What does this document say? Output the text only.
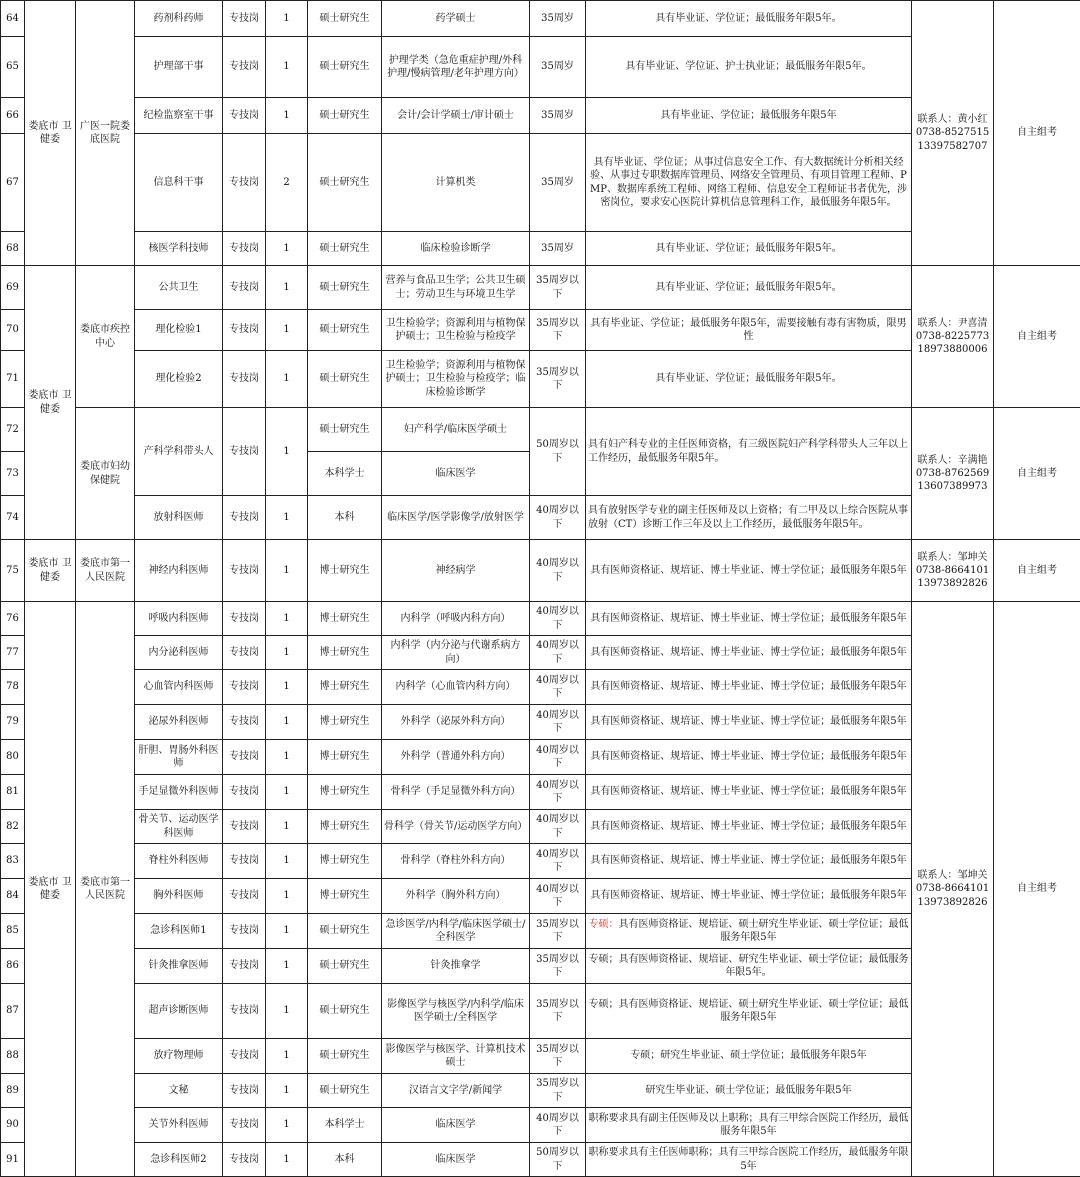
64	娄底市 卫健委	广医一院娄底医院	药剂科药师	专技岗	1	硕士研究生	药学硕士	35周岁	具有毕业证、学位证；最低服务年限5年。	联系人：黄小红 0738-8527515 13397582707	自主组考
65			护理部干事	专技岗	1	硕士研究生	护理学类（急危重症护理/外科护理/慢病管理/老年护理方向）	35周岁	具有毕业证、学位证、护士执业证；最低服务年限5年。		
66			纪检监察室干事	专技岗	1	硕士研究生	会计/会计学硕士/审计硕士	35周岁	具有毕业证、学位证；最低服务年限5年		
67			信息科干事	专技岗	2	硕士研究生	计算机类	35周岁	具有毕业证、学位证；从事过信息安全工作、有大数据统计分析相关经验、从事过专职数据库管理员、网络安全管理员、有项目管理工程师、PMP、数据库系统工程师、网络工程师、信息安全工程师证书者优先，涉密岗位，要求安心医院计算机信息管理科工作，最低服务年限5年。		
68			核医学科技师	专技岗	1	硕士研究生	临床检验诊断学	35周岁	具有毕业证、学位证；最低服务年限5年。		
69	娄底市 卫健委	娄底市疾控中心	公共卫生	专技岗	1	硕士研究生	营养与食品卫生学；公共卫生硕士；劳动卫生与环境卫生学	35周岁以下	具有毕业证、学位证；最低服务年限5年。	联系人：尹喜清 0738-8225773 18973880006	自主组考
70			理化检验1	专技岗	1	硕士研究生	卫生检验学；资源利用与植物保护硕士；卫生检验与检疫学	35周岁以下	具有毕业证、学位证；最低服务年限5年，需要接触有毒有害物质，限男性		
71			理化检验2	专技岗	1	硕士研究生	卫生检验学；资源利用与植物保护硕士；卫生检验与检疫学；临床检验诊断学	35周岁以下	具有毕业证、学位证；最低服务年限5年。		
72		娄底市妇幼保健院	产科学科带头人	专技岗	1	硕士研究生	妇产科学/临床医学硕士	50周岁以下	具有妇产科专业的主任医师资格，有三级医院妇产科学科带头人三年以上工作经历，最低服务年限5年。	联系人：辛满艳 0738-8762569 13607389973	自主组考
73						本科学士	临床医学				
74			放射科医师	专技岗	1	本科	临床医学/医学影像学/放射医学	40周岁以下	具有放射医学专业的副主任医师及以上资格；有二甲及以上综合医院从事放射（CT）诊断工作三年及以上工作经历，最低服务年限5年。		
75	娄底市 卫健委	娄底市第一人民医院	神经内科医师	专技岗	1	博士研究生	神经病学	40周岁以下	具有医师资格证、规培证、博士毕业证、博士学位证；最低服务年限5年	联系人：邹坤关 0738-8664101 13973892826	自主组考
76	娄底市 卫健委	娄底市第一人民医院	呼吸内科医师	专技岗	1	博士研究生	内科学（呼吸内科方向）	40周岁以下	具有医师资格证、规培证、博士毕业证、博士学位证；最低服务年限5年	联系人：邹坤关 0738-8664101 13973892826	自主组考
77			内分泌科医师	专技岗	1	博士研究生	内科学（内分泌与代谢系病方向）	40周岁以下	具有医师资格证、规培证、博士毕业证、博士学位证；最低服务年限5年		
78			心血管内科医师	专技岗	1	博士研究生	内科学（心血管内科方向）	40周岁以下	具有医师资格证、规培证、博士毕业证、博士学位证；最低服务年限5年		
79			泌尿外科医师	专技岗	1	博士研究生	外科学（泌尿外科方向）	40周岁以下	具有医师资格证、规培证、博士毕业证、博士学位证；最低服务年限5年		
80			肝胆、胃肠外科医师	专技岗	1	博士研究生	外科学（普通外科方向）	40周岁以下	具有医师资格证、规培证、博士毕业证、博士学位证；最低服务年限5年		
81			手足显微外科医师	专技岗	1	博士研究生	骨科学（手足显微外科方向）	40周岁以下	具有医师资格证、规培证、博士毕业证、博士学位证；最低服务年限5年		
82			骨关节、运动医学科医师	专技岗	1	博士研究生	骨科学（骨关节/运动医学方向）	40周岁以下	具有医师资格证、规培证、博士毕业证、博士学位证；最低服务年限5年		
83			脊柱外科医师	专技岗	1	博士研究生	骨科学（脊柱外科方向）	40周岁以下	具有医师资格证、规培证、博士毕业证、博士学位证；最低服务年限5年		
84			胸外科医师	专技岗	1	博士研究生	外科学（胸外科方向）	40周岁以下	具有医师资格证、规培证、博士毕业证、博士学位证；最低服务年限5年		
85			急诊科医师1	专技岗	1	硕士研究生	急诊医学/内科学/临床医学硕士/全科医学	35周岁以下	专硕：具有医师资格证、规培证、硕士研究生毕业证、硕士学位证；最低服务年限5年		
86			针灸推拿医师	专技岗	1	硕士研究生	针灸推拿学	35周岁以下	专硕；具有医师资格证、规培证、研究生毕业证、硕士学位证；最低服务年限5年。		
87			超声诊断医师	专技岗	1	硕士研究生	影像医学与核医学/内科学/临床医学硕士/全科医学	35周岁以下	专硕；具有医师资格证、规培证、硕士研究生毕业证、硕士学位证；最低服务年限5年		
88			放疗物理师	专技岗	1	硕士研究生	影像医学与核医学、计算机技术硕士	35周岁以下	专硕；研究生毕业证、硕士学位证；最低服务年限5年		
89			文秘	专技岗	1	硕士研究生	汉语言文字学/新闻学	35周岁以下	研究生毕业证、硕士学位证；最低服务年限5年		
90			关节外科医师	专技岗	1	本科学士	临床医学	40周岁以下	职称要求具有副主任医师及以上职称；具有三甲综合医院工作经历，最低服务年限5年		
91			急诊科医师2	专技岗	1	本科	临床医学	50周岁以下	职称要求具有主任医师职称；具有三甲综合医院工作经历，最低服务年限5年		
